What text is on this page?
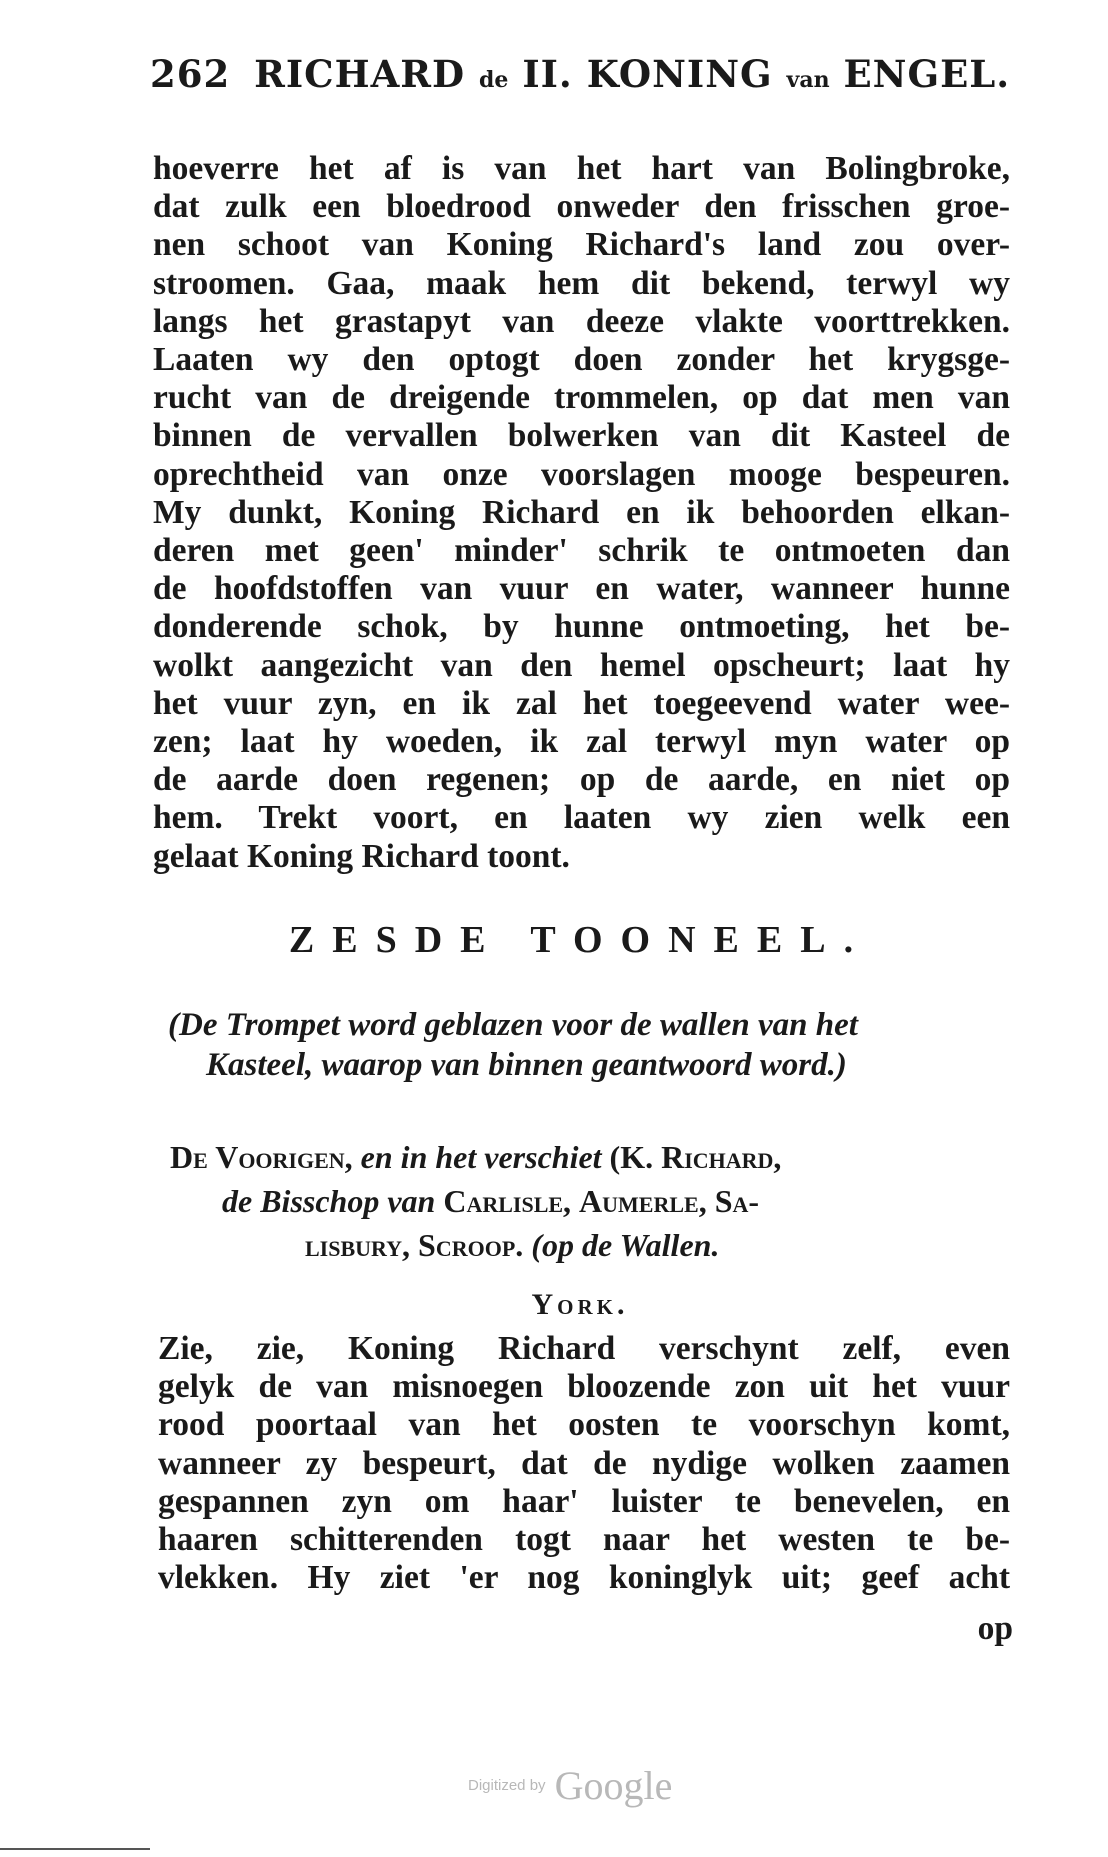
262 RICHARD de II. KONING van ENGEL.
hoeverre het af is van het hart van Bolingbroke,
dat zulk een bloedrood onweder den frisschen groe-
nen schoot van Koning Richard's land zou over-
stroomen. Gaa, maak hem dit bekend, terwyl wy
langs het grastapyt van deeze vlakte voorttrekken.
Laaten wy den optogt doen zonder het krygsge-
rucht van de dreigende trommelen, op dat men van
binnen de vervallen bolwerken van dit Kasteel de
oprechtheid van onze voorslagen mooge bespeuren.
My dunkt, Koning Richard en ik behoorden elkan-
deren met geen' minder' schrik te ontmoeten dan
de hoofdstoffen van vuur en water, wanneer hunne
donderende schok, by hunne ontmoeting, het be-
wolkt aangezicht van den hemel opscheurt; laat hy
het vuur zyn, en ik zal het toegeevend water wee-
zen; laat hy woeden, ik zal terwyl myn water op
de aarde doen regenen; op de aarde, en niet op
hem. Trekt voort, en laaten wy zien welk een
gelaat Koning Richard toont.
ZESDE TOONEEL.
(De Trompet word geblazen voor de wallen van het
Kasteel, waarop van binnen geantwoord word.)
De Voorigen, en in het verschiet (K. Richard,
de Bisschop van Carlisle, Aumerle, Sa-
lisbury, Scroop. (op de Wallen.
York.
Zie, zie, Koning Richard verschynt zelf, even
gelyk de van misnoegen bloozende zon uit het vuur
rood poortaal van het oosten te voorschyn komt,
wanneer zy bespeurt, dat de nydige wolken zaamen
gespannen zyn om haar' luister te benevelen, en
haaren schitterenden togt naar het westen te be-
vlekken. Hy ziet 'er nog koninglyk uit; geef acht
op
Digitized by Google
